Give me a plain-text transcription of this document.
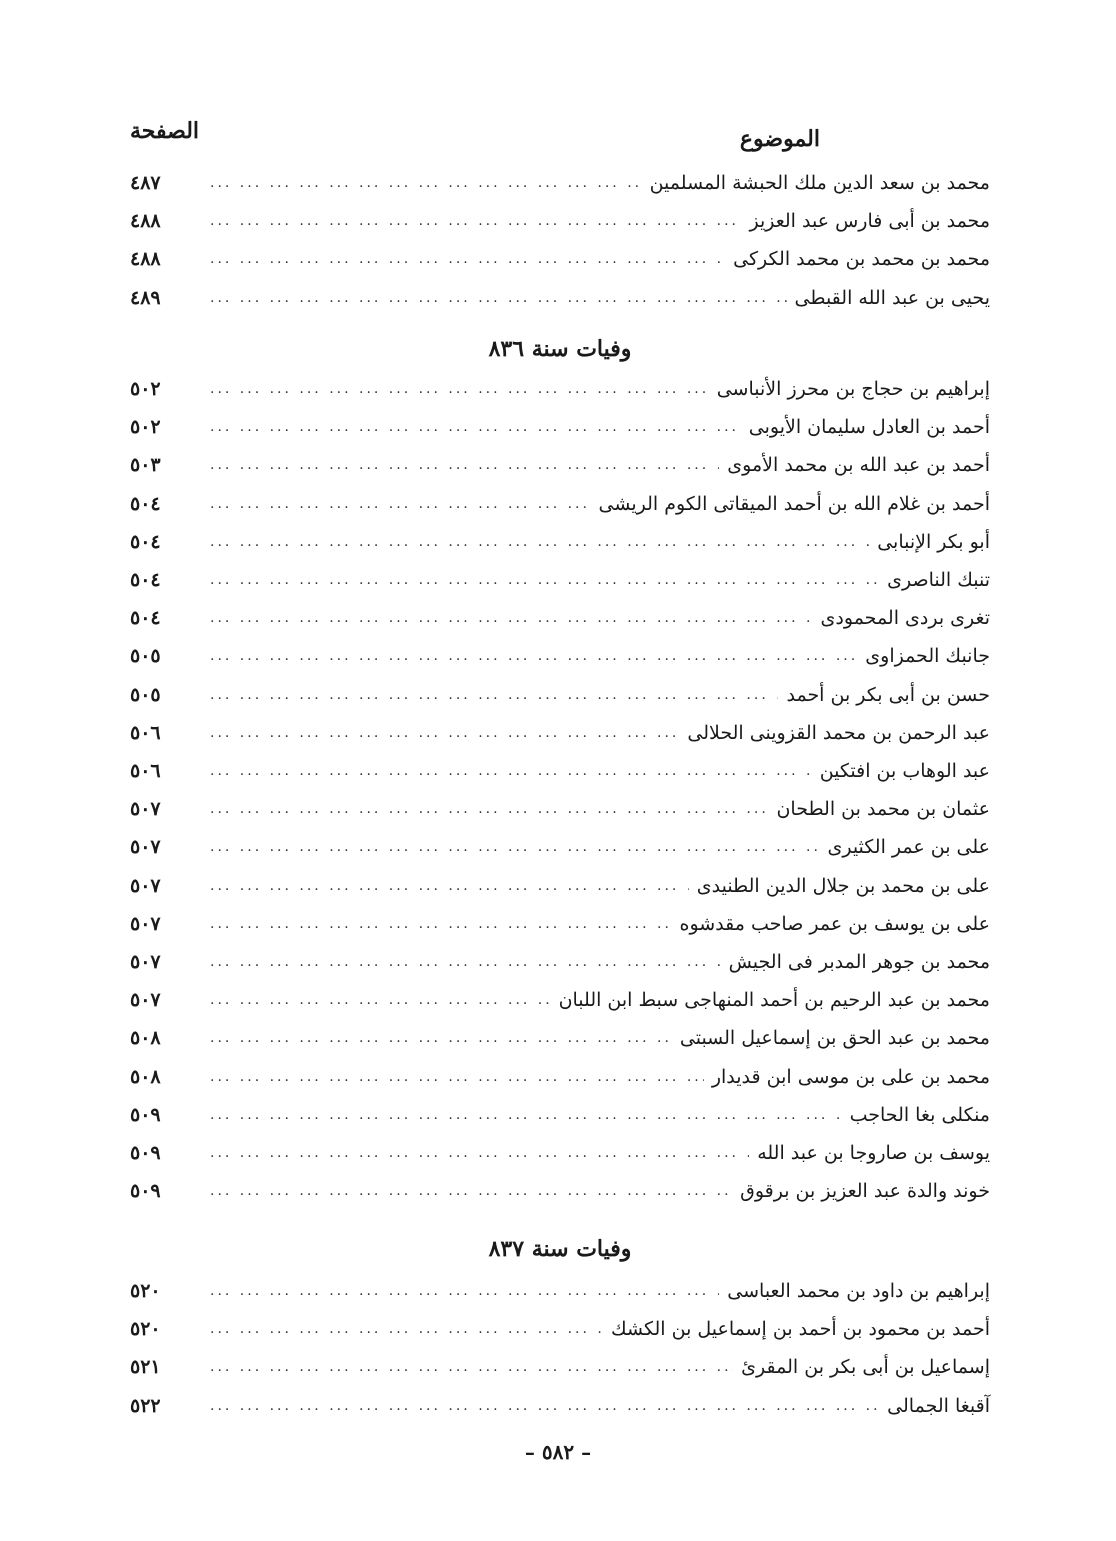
الموضوع
الصفحة
محمد بن سعد الدين ملك الحبشة المسلمين
... .
٤٨٧
محمد بن أبى فارس عبد العزيز
... .
٤٨٨
محمد بن محمد بن محمد الكركى
... .
٤٨٨
يحيى بن عبد الله القبطى
... .
٤٨٩
وفيات سنة ٨٣٦
إبراهيم بن حجاج بن محرز الأنباسى
... .
٥٠٢
أحمد بن العادل سليمان الأيوبى
... .
٥٠٢
أحمد بن عبد الله بن محمد الأموى
... .
٥٠٣
أحمد بن غلام الله بن أحمد الميقاتى الكوم الريشى
... .
٥٠٤
أبو بكر الإنبابى
... .
٥٠٤
تنبك الناصرى
... .
٥٠٤
تغرى بردى المحمودى
... .
٥٠٤
جانبك الحمزاوى
... .
٥٠٥
حسن بن أبى بكر بن أحمد
... .
٥٠٥
عبد الرحمن بن محمد القزوينى الحلالى
... .
٥٠٦
عبد الوهاب بن افتكين
... .
٥٠٦
عثمان بن محمد بن الطحان
... .
٥٠٧
على بن عمر الكثيرى
... .
٥٠٧
على بن محمد بن جلال الدين الطنيدى
... .
٥٠٧
على بن يوسف بن عمر صاحب مقدشوه
... .
٥٠٧
محمد بن جوهر المدبر فى الجيش
... .
٥٠٧
محمد بن عبد الرحيم بن أحمد المنهاجى سبط ابن اللبان
... .
٥٠٧
محمد بن عبد الحق بن إسماعيل السبتى
... .
٥٠٨
محمد بن على بن موسى ابن قديدار
... .
٥٠٨
منكلى بغا الحاجب
... .
٥٠٩
يوسف بن صاروجا بن عبد الله
... .
٥٠٩
خوند والدة عبد العزيز بن برقوق
... .
٥٠٩
وفيات سنة ٨٣٧
إبراهيم بن داود بن محمد العباسى
... .
٥٢٠
أحمد بن محمود بن أحمد بن إسماعيل بن الكشك
... .
٥٢٠
إسماعيل بن أبى بكر بن المقرئ
... .
٥٢١
آقبغا الجمالى
... .
٥٢٢
– ٥٨٢ –
